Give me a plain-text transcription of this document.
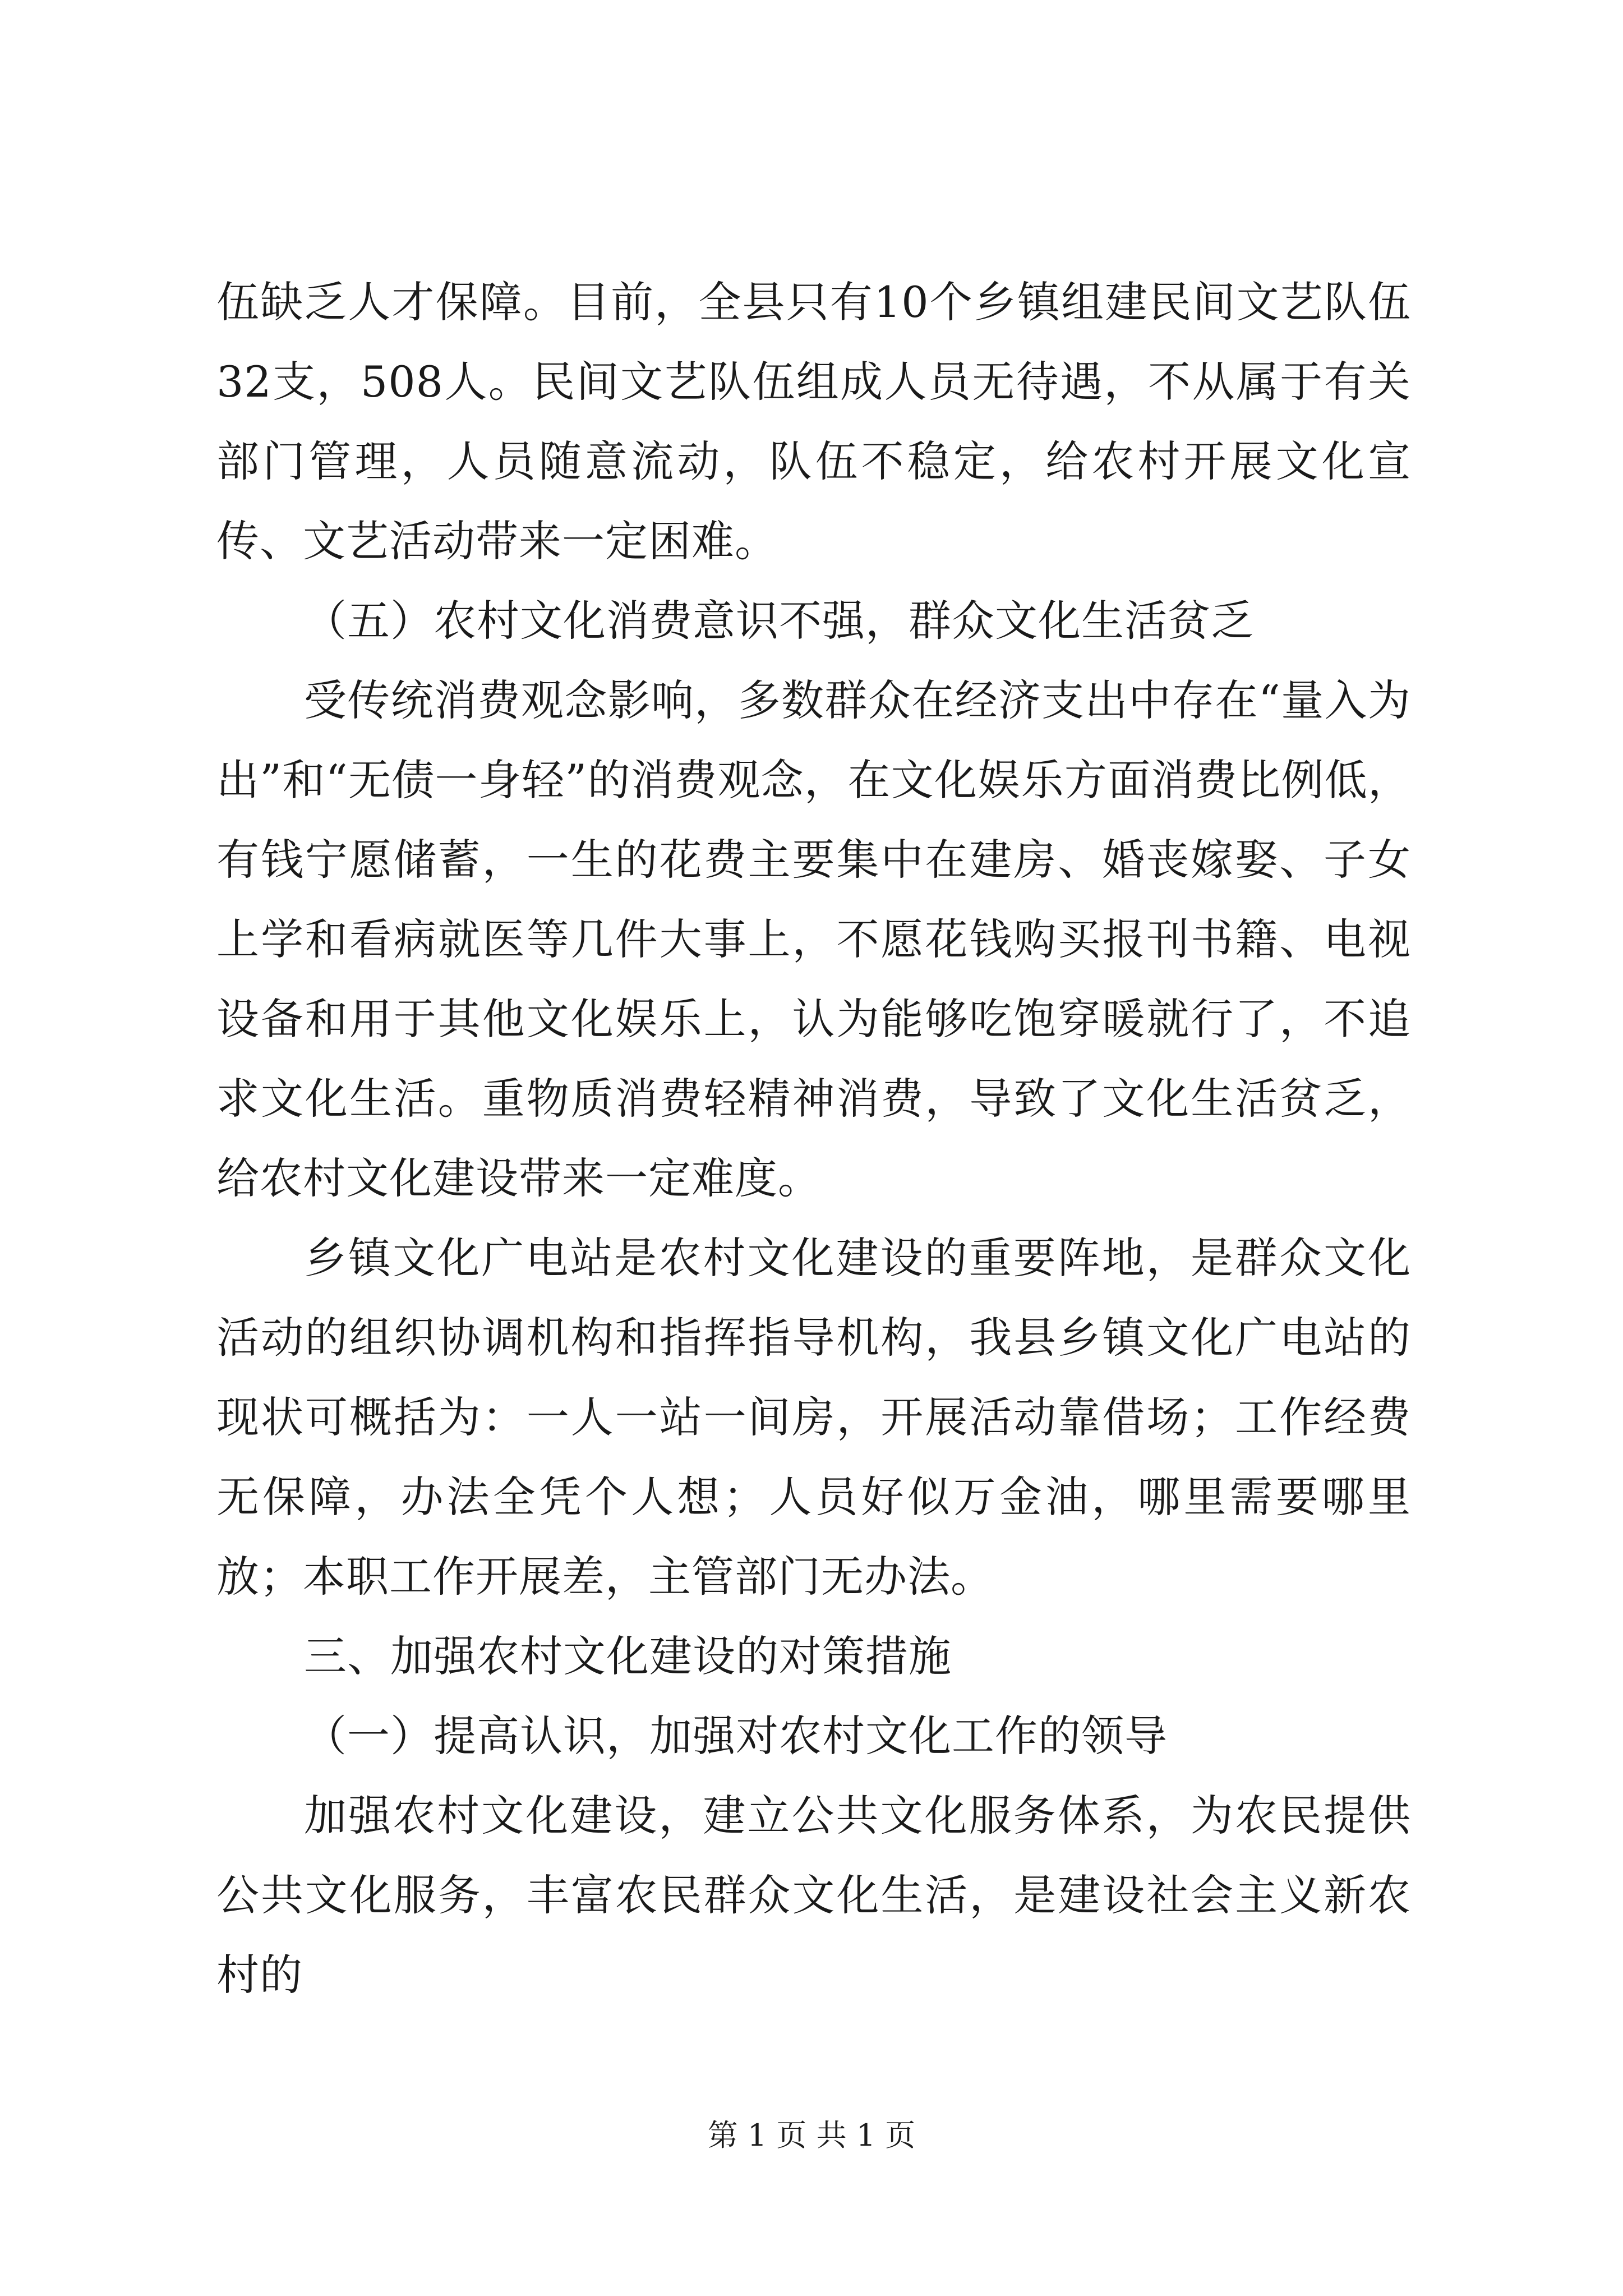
伍缺乏人才保障。目前，全县只有10个乡镇组建民间文艺队伍32支，508人。民间文艺队伍组成人员无待遇，不从属于有关部门管理，人员随意流动，队伍不稳定，给农村开展文化宣传、文艺活动带来一定困难。

（五）农村文化消费意识不强，群众文化生活贫乏

受传统消费观念影响，多数群众在经济支出中存在“量入为出”和“无债一身轻”的消费观念，在文化娱乐方面消费比例低，有钱宁愿储蓄，一生的花费主要集中在建房、婚丧嫁娶、子女上学和看病就医等几件大事上，不愿花钱购买报刊书籍、电视设备和用于其他文化娱乐上，认为能够吃饱穿暖就行了，不追求文化生活。重物质消费轻精神消费，导致了文化生活贫乏，给农村文化建设带来一定难度。

乡镇文化广电站是农村文化建设的重要阵地，是群众文化活动的组织协调机构和指挥指导机构，我县乡镇文化广电站的现状可概括为：一人一站一间房，开展活动靠借场；工作经费无保障，办法全凭个人想；人员好似万金油，哪里需要哪里放；本职工作开展差，主管部门无办法。

三、加强农村文化建设的对策措施

（一）提高认识，加强对农村文化工作的领导

加强农村文化建设，建立公共文化服务体系，为农民提供公共文化服务，丰富农民群众文化生活，是建设社会主义新农村的

第 1 页 共 1 页
